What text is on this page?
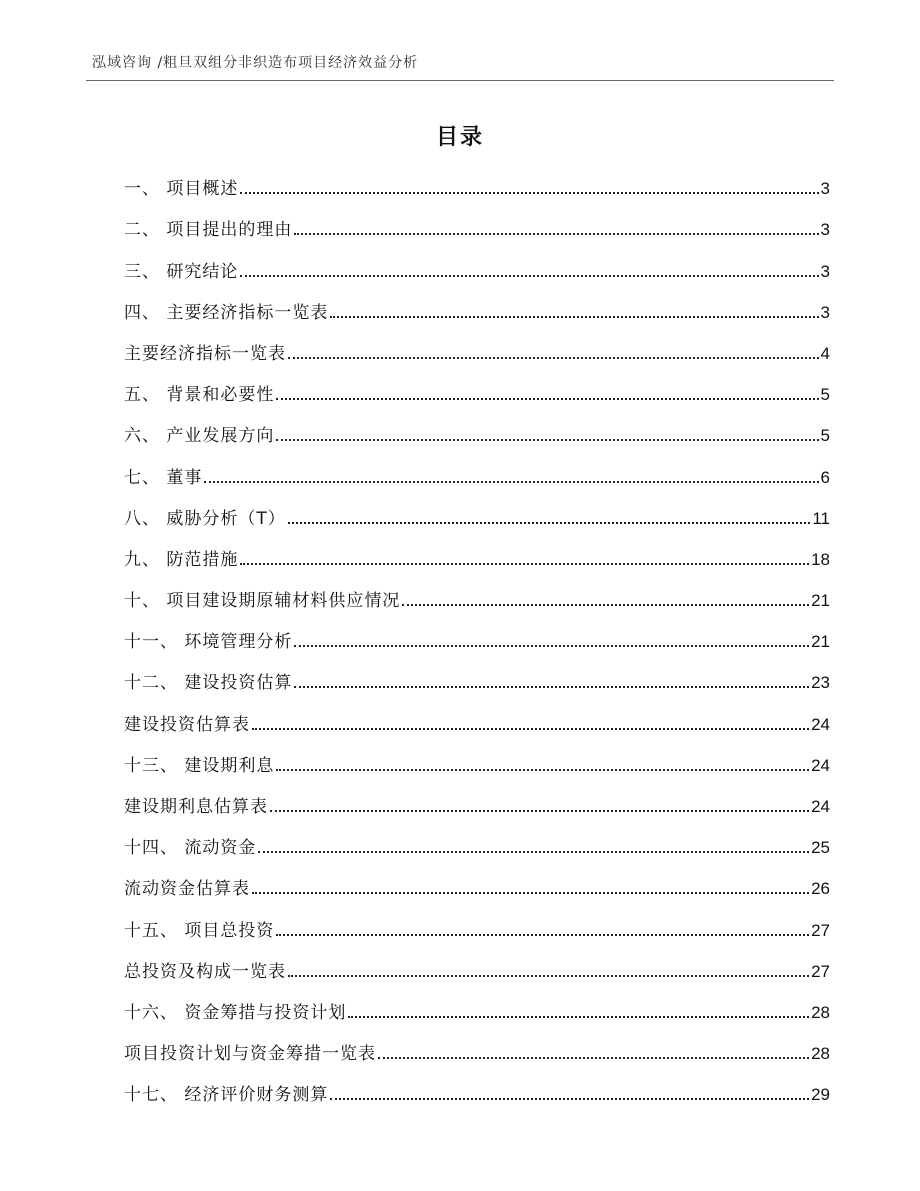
泓域咨询 /粗旦双组分非织造布项目经济效益分析
目录
一、 项目概述	3
二、 项目提出的理由	3
三、 研究结论	3
四、 主要经济指标一览表	3
主要经济指标一览表	4
五、 背景和必要性	5
六、 产业发展方向	5
七、 董事	6
八、 威胁分析（T）	11
九、 防范措施	18
十、 项目建设期原辅材料供应情况	21
十一、 环境管理分析	21
十二、 建设投资估算	23
建设投资估算表	24
十三、 建设期利息	24
建设期利息估算表	24
十四、 流动资金	25
流动资金估算表	26
十五、 项目总投资	27
总投资及构成一览表	27
十六、 资金筹措与投资计划	28
项目投资计划与资金筹措一览表	28
十七、 经济评价财务测算	29
